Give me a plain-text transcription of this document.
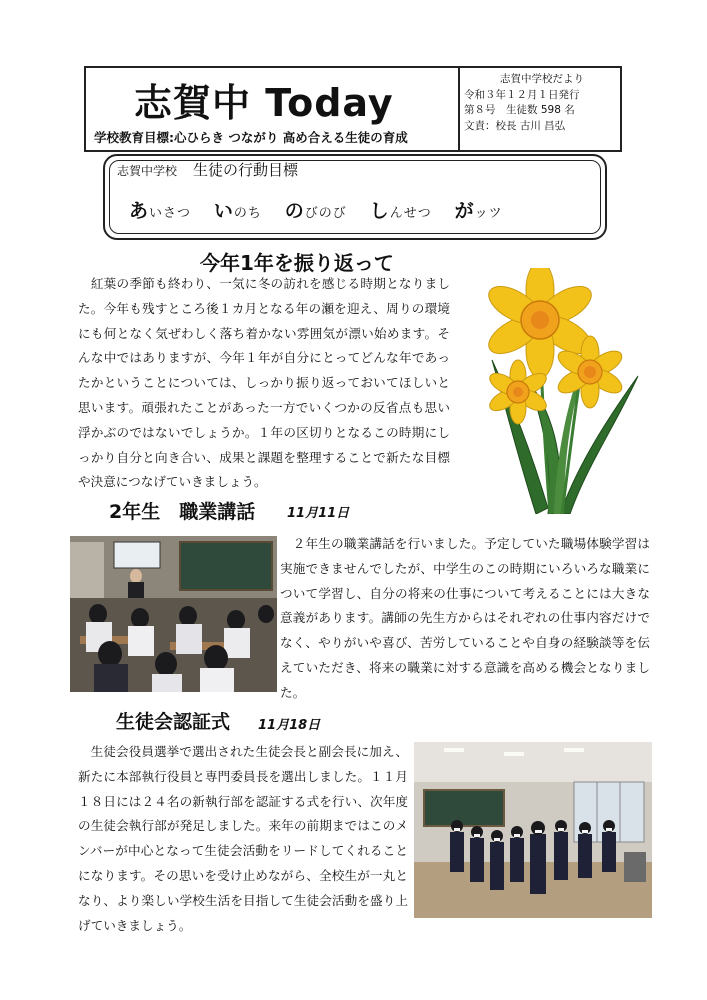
志賀中 Today
学校教育目標:心ひらき つながり 高め合える生徒の育成
志賀中学校だより
令和３年１２月１日発行
第８号　生徒数 598 名
文責：校長 古川 昌弘
志賀中学校 生徒の行動目標
あいさつ いのち のびのび しんせつ がッツ
今年1年を振り返って
　紅葉の季節も終わり、一気に冬の訪れを感じる時期となりました。今年も残すところ後１カ月となる年の瀬を迎え、周りの環境にも何となく気ぜわしく落ち着かない雰囲気が漂い始めます。そんな中ではありますが、今年１年が自分にとってどんな年であったかということについては、しっかり振り返っておいてほしいと思います。頑張れたことがあった一方でいくつかの反省点も思い浮かぶのではないでしょうか。１年の区切りとなるこの時期にしっかり自分と向き合い、成果と課題を整理することで新たな目標や決意につなげていきましょう。
2年生　職業講話 11月11日
　２年生の職業講話を行いました。予定していた職場体験学習は実施できませんでしたが、中学生のこの時期にいろいろな職業について学習し、自分の将来の仕事について考えることには大きな意義があります。講師の先生方からはそれぞれの仕事内容だけでなく、やりがいや喜び、苦労していることや自身の経験談等を伝えていただき、将来の職業に対する意識を高める機会となりました。
生徒会認証式 11月18日
　生徒会役員選挙で選出された生徒会長と副会長に加え、新たに本部執行役員と専門委員長を選出しました。１１月１８日には２４名の新執行部を認証する式を行い、次年度の生徒会執行部が発足しました。来年の前期まではこのメンバーが中心となって生徒会活動をリードしてくれることになります。その思いを受け止めながら、全校生が一丸となり、より楽しい学校生活を目指して生徒会活動を盛り上げていきましょう。
